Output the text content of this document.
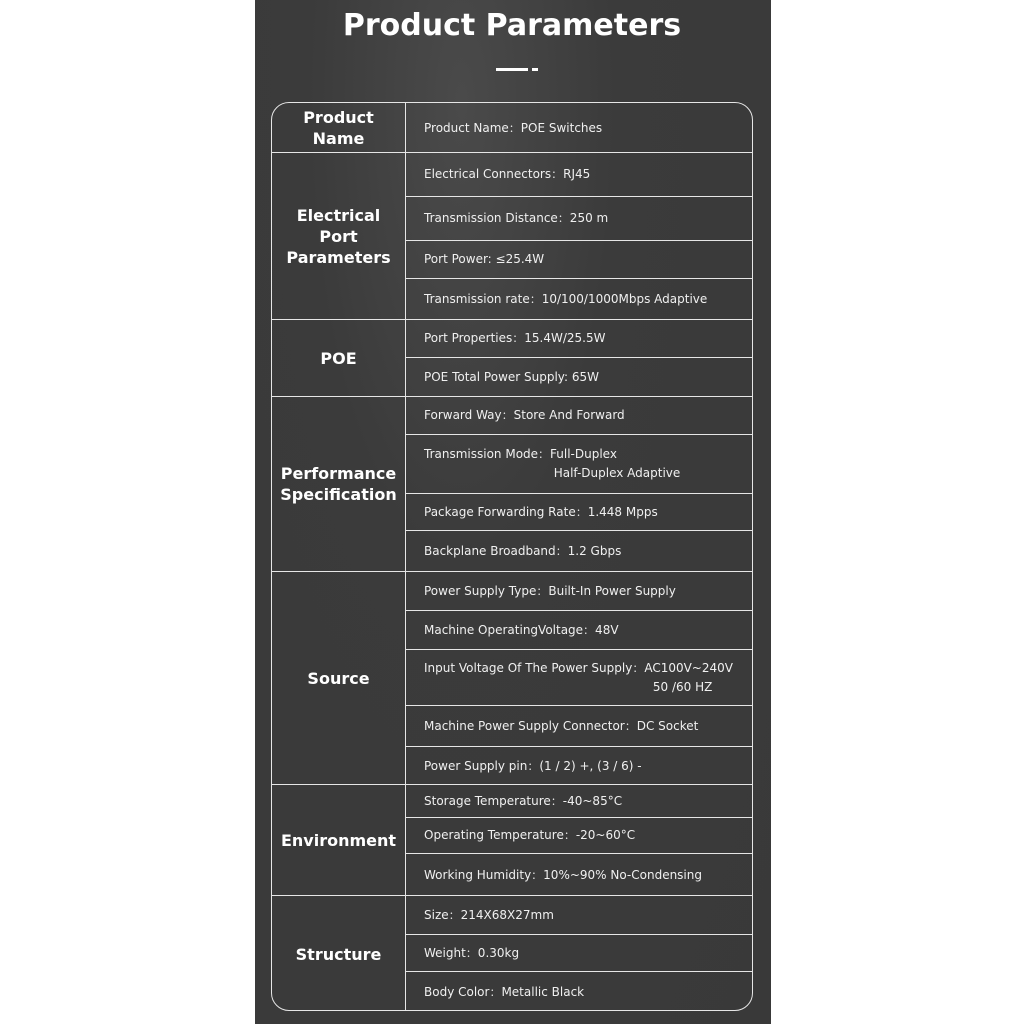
Product Parameters
Product
Name
Product Name：POE Switches
Electrical
Port
Parameters
Electrical Connectors：RJ45
Transmission Distance：250 m
Port Power: ≤25.4W
Transmission rate：10/100/1000Mbps Adaptive
POE
Port Properties：15.4W/25.5W
POE Total Power Supply: 65W
Performance
Specification
Forward Way：Store And Forward
Transmission Mode：Full-Duplex
Half-Duplex Adaptive
Package Forwarding Rate：1.448 Mpps
Backplane Broadband：1.2 Gbps
Source
Power Supply Type：Built-In Power Supply
Machine OperatingVoltage：48V
Input Voltage Of The Power Supply：AC100V~240V
50 /60 HZ
Machine Power Supply Connector：DC Socket
Power Supply pin：(1 / 2) +, (3 / 6) -
Environment
Storage Temperature：-40~85°C
Operating Temperature：-20~60°C
Working Humidity：10%~90% No-Condensing
Structure
Size：214X68X27mm
Weight：0.30kg
Body Color：Metallic Black
